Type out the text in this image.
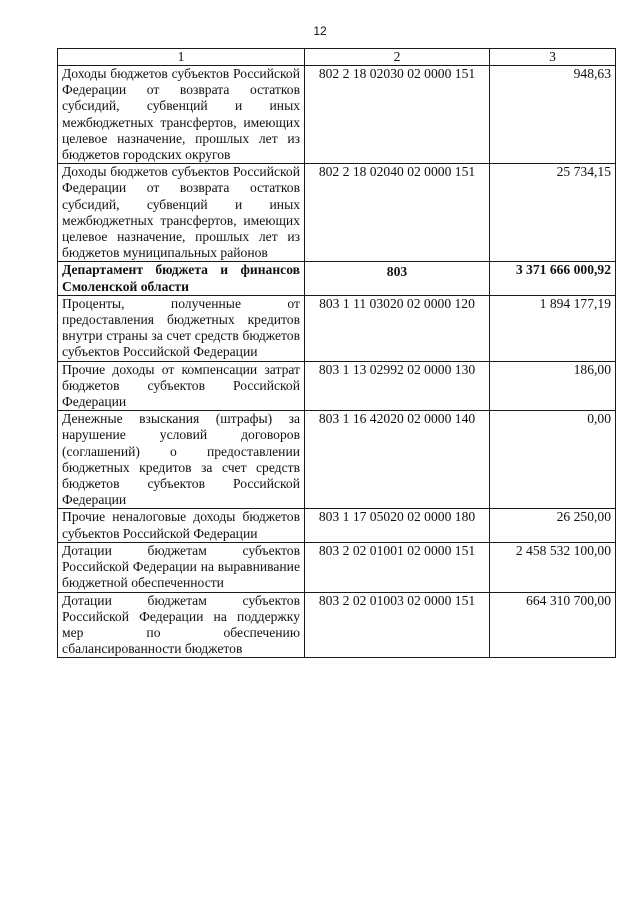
12
1	2	3
Доходы бюджетов субъектов Российской Федерации от возврата остатков субсидий, субвенций и иных межбюджетных трансфертов, имеющих целевое назначение, прошлых лет из бюджетов городских округов	802 2 18 02030 02 0000 151	948,63
Доходы бюджетов субъектов Российской Федерации от возврата остатков субсидий, субвенций и иных межбюджетных трансфертов, имеющих целевое назначение, прошлых лет из бюджетов муниципальных районов	802 2 18 02040 02 0000 151	25 734,15
Департамент бюджета и финансов Смоленской области	803	3 371 666 000,92
Проценты, полученные от предоставления бюджетных кредитов внутри страны за счет средств бюджетов субъектов Российской Федерации	803 1 11 03020 02 0000 120	1 894 177,19
Прочие доходы от компенсации затрат бюджетов субъектов Российской Федерации	803 1 13 02992 02 0000 130	186,00
Денежные взыскания (штрафы) за нарушение условий договоров (соглашений) о предоставлении бюджетных кредитов за счет средств бюджетов субъектов Российской Федерации	803 1 16 42020 02 0000 140	0,00
Прочие неналоговые доходы бюджетов субъектов Российской Федерации	803 1 17 05020 02 0000 180	26 250,00
Дотации бюджетам субъектов Российской Федерации на выравнивание бюджетной обеспеченности	803 2 02 01001 02 0000 151	2 458 532 100,00
Дотации бюджетам субъектов Российской Федерации на поддержку мер по обеспечению сбалансированности бюджетов	803 2 02 01003 02 0000 151	664 310 700,00
